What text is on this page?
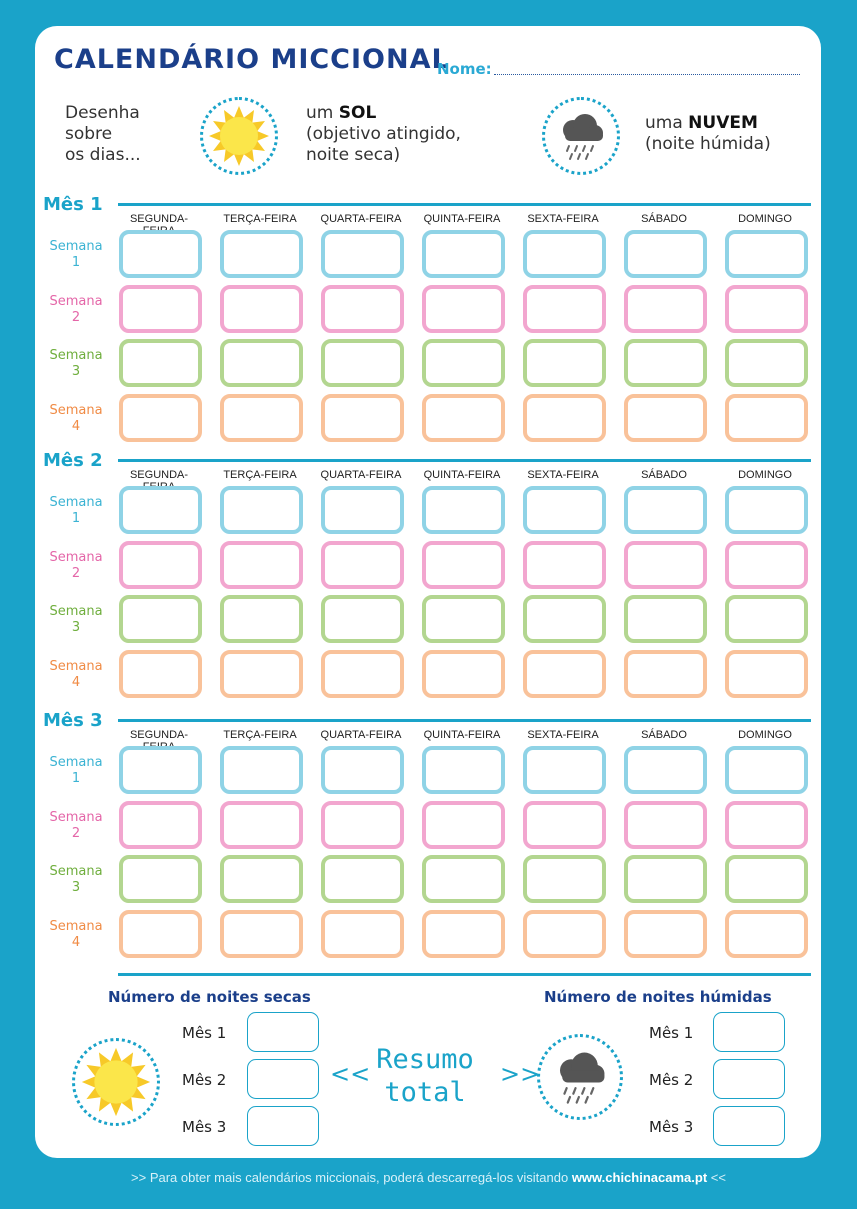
CALENDÁRIO MICCIONAL
Nome:
Desenha
sobre
os dias...
um SOL
(objetivo atingido,
noite seca)
uma NUVEM
(noite húmida)
Mês 1
SEGUNDA-	TERÇA-FEIRA	QUARTA-FEIRA	QUINTA-FEIRA	SEXTA-FEIRA	SÁBADO	DOMINGO
Semana
1
Semana
2
Semana
3
Semana
4
Mês 2
SEGUNDA-	TERÇA-FEIRA	QUARTA-FEIRA	QUINTA-FEIRA	SEXTA-FEIRA	SÁBADO	DOMINGO
Semana
1
Semana
2
Semana
3
Semana
4
Mês 3
SEGUNDA-	TERÇA-FEIRA	QUARTA-FEIRA	QUINTA-FEIRA	SEXTA-FEIRA	SÁBADO	DOMINGO
Semana
1
Semana
2
Semana
3
Semana
4
Número de noites secas	Número de noites húmidas
Mês 1
Mês 2
Mês 3
Mês 1
Mês 2
Mês 3
<< Resumo
total
>>
>> Para obter mais calendários miccionais, poderá descarregá-los visitando www.chichinacama.pt <<
